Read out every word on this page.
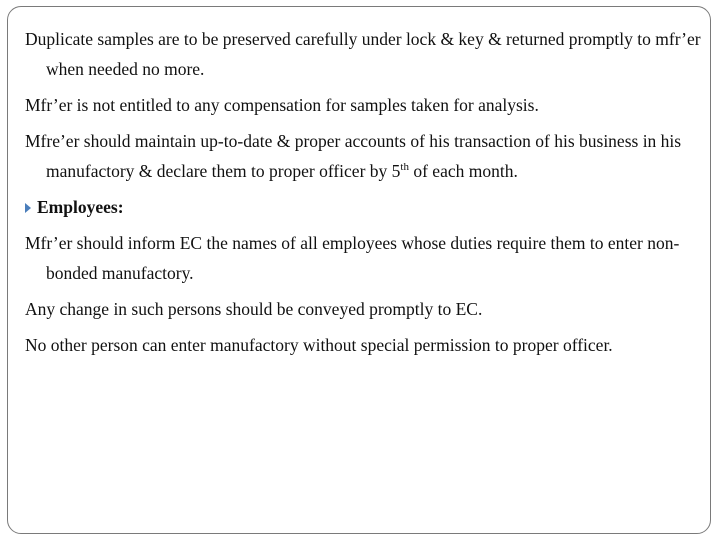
Duplicate samples are to be preserved carefully under lock & key & returned promptly to mfr’er when needed no more.

Mfr’er is not entitled to any compensation for samples taken for analysis.

Mfre’er should maintain up-to-date & proper accounts of his transaction of his business in his manufactory & declare them to proper officer by 5th of each month.

Employees:

Mfr’er should inform EC the names of all employees whose duties require them to enter non-bonded manufactory.

Any change in such persons should be conveyed promptly to EC.

No other person can enter manufactory without special permission to proper officer.
